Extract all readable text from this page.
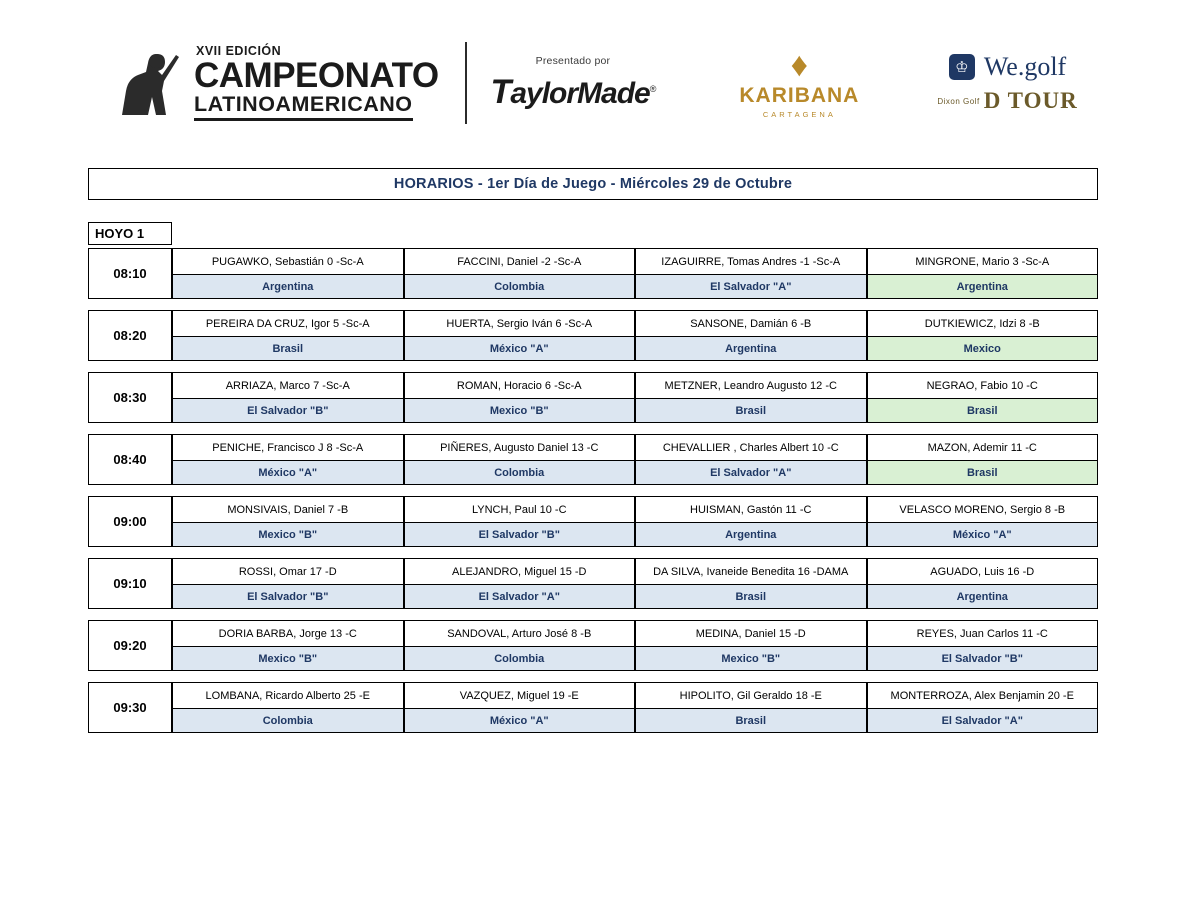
XVII EDICIÓN
CAMPEONATO
LATINOAMERICANO
Presentado por
TaylorMade®
♦
KARIBANA
CARTAGENA
♔ We.golf
Dixon Golf D TOUR
HORARIOS - 1er Día de Juego - Miércoles 29 de Octubre
HOYO 1
08:10
PUGAWKO, Sebastián 0 -Sc-A	FACCINI, Daniel -2 -Sc-A	IZAGUIRRE, Tomas Andres -1 -Sc-A	MINGRONE, Mario 3 -Sc-A
Argentina	Colombia	El Salvador "A"	Argentina
08:20
PEREIRA DA CRUZ, Igor 5 -Sc-A	HUERTA, Sergio Iván 6 -Sc-A	SANSONE, Damián 6 -B	DUTKIEWICZ, Idzi 8 -B
Brasil	México "A"	Argentina	Mexico
08:30
ARRIAZA, Marco 7 -Sc-A	ROMAN, Horacio 6 -Sc-A	METZNER, Leandro Augusto 12 -C	NEGRAO, Fabio 10 -C
El Salvador "B"	Mexico "B"	Brasil	Brasil
08:40
PENICHE, Francisco J 8 -Sc-A	PIÑERES, Augusto Daniel 13 -C	CHEVALLIER , Charles Albert 10 -C	MAZON, Ademir 11 -C
México "A"	Colombia	El Salvador "A"	Brasil
09:00
MONSIVAIS, Daniel 7 -B	LYNCH, Paul 10 -C	HUISMAN, Gastón 11 -C	VELASCO MORENO, Sergio 8 -B
Mexico "B"	El Salvador "B"	Argentina	México "A"
09:10
ROSSI, Omar 17 -D	ALEJANDRO, Miguel 15 -D	DA SILVA, Ivaneide Benedita 16 -DAMA	AGUADO, Luis 16 -D
El Salvador "B"	El Salvador "A"	Brasil	Argentina
09:20
DORIA BARBA, Jorge 13 -C	SANDOVAL, Arturo José 8 -B	MEDINA, Daniel 15 -D	REYES, Juan Carlos 11 -C
Mexico "B"	Colombia	Mexico "B"	El Salvador "B"
09:30
LOMBANA, Ricardo Alberto 25 -E	VAZQUEZ, Miguel 19 -E	HIPOLITO, Gil Geraldo 18 -E	MONTERROZA, Alex Benjamin 20 -E
Colombia	México "A"	Brasil	El Salvador "A"
